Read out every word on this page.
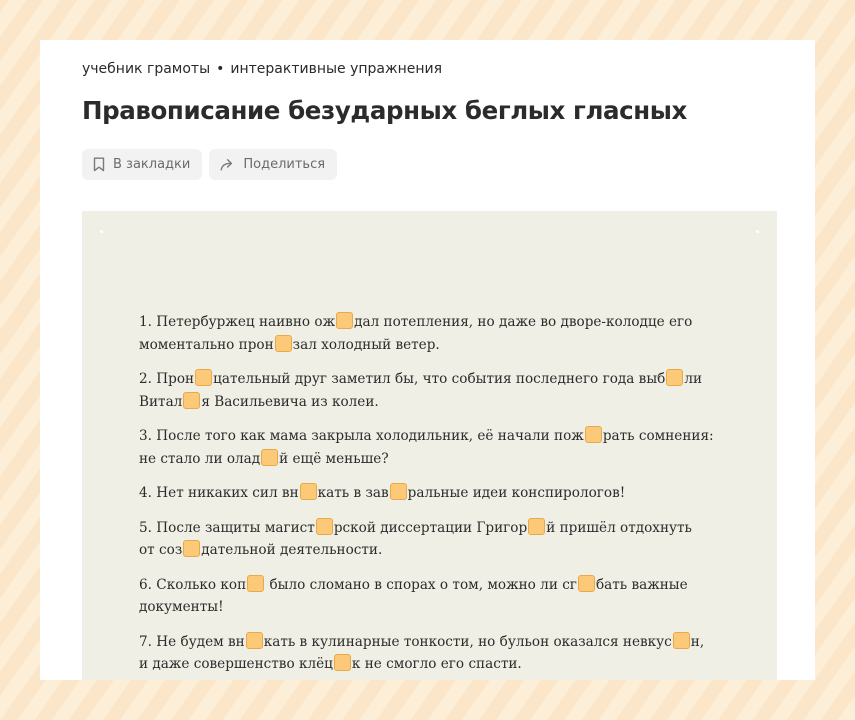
учебник грамоты • интерактивные упражнения
Правописание безударных беглых гласных
В закладки	Поделиться

1. Петербуржец наивно ож дал потепления, но даже во дворе-колодце его
моментально прон зал холодный ветер.

2. Прон цательный друг заметил бы, что события последнего года выб ли
Витал я Васильевича из колеи.

3. После того как мама закрыла холодильник, её начали пож рать сомнения:
не стало ли олад й ещё меньше?

4. Нет никаких сил вн кать в зав ральные идеи конспирологов!

5. После защиты магист рской диссертации Григор й пришёл отдохнуть
от соз дательной деятельности.

6. Сколько коп было сломано в спорах о том, можно ли сг бать важные
документы!

7. Не будем вн кать в кулинарные тонкости, но бульон оказался невкус н,
и даже совершенство клёц к не смогло его спасти.
